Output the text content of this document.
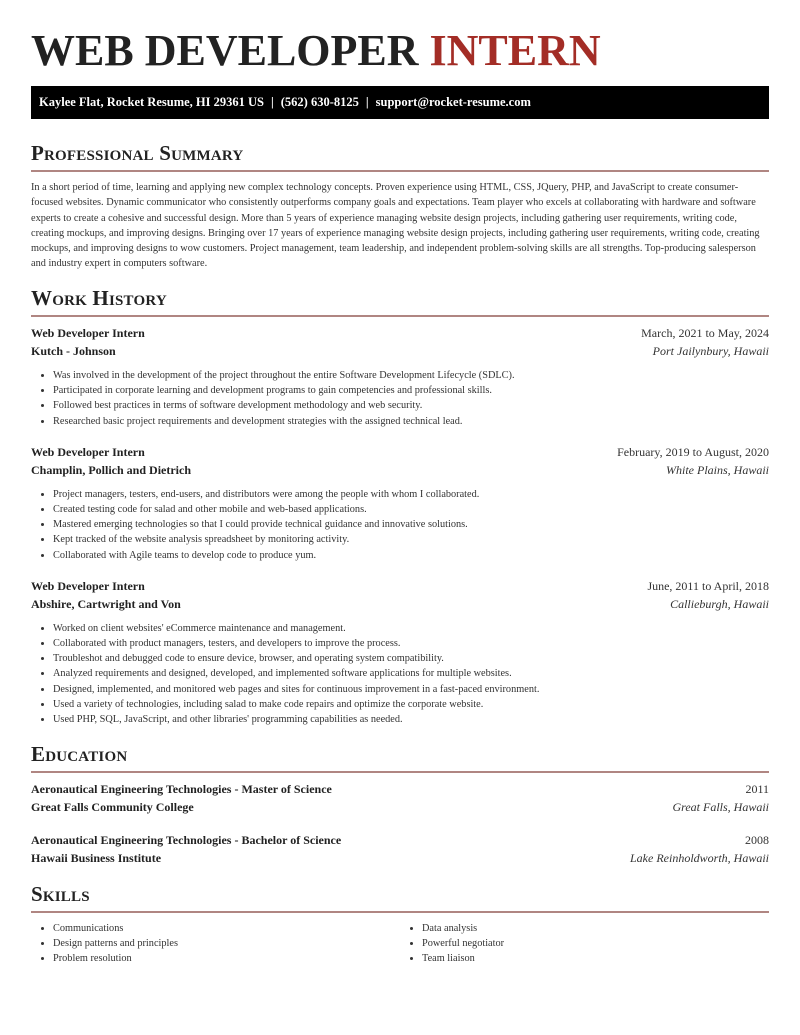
WEB DEVELOPER INTERN
Kaylee Flat, Rocket Resume, HI 29361 US | (562) 630-8125 | support@rocket-resume.com
Professional Summary

In a short period of time, learning and applying new complex technology concepts. Proven experience using HTML, CSS, JQuery, PHP, and JavaScript to create consumer-focused websites. Dynamic communicator who consistently outperforms company goals and expectations. Team player who excels at collaborating with hardware and software experts to create a cohesive and successful design. More than 5 years of experience managing website design projects, including gathering user requirements, writing code, creating mockups, and improving designs. Bringing over 17 years of experience managing website design projects, including gathering user requirements, writing code, creating mockups, and improving designs to wow customers. Project management, team leadership, and independent problem-solving skills are all strengths. Top-producing salesperson and industry expert in computers software.

Work History
Web Developer Intern	March, 2021 to May, 2024
Kutch - Johnson	Port Jailynbury, Hawaii
• Was involved in the development of the project throughout the entire Software Development Lifecycle (SDLC).
• Participated in corporate learning and development programs to gain competencies and professional skills.
• Followed best practices in terms of software development methodology and web security.
• Researched basic project requirements and development strategies with the assigned technical lead.
Web Developer Intern	February, 2019 to August, 2020
Champlin, Pollich and Dietrich	White Plains, Hawaii
• Project managers, testers, end-users, and distributors were among the people with whom I collaborated.
• Created testing code for salad and other mobile and web-based applications.
• Mastered emerging technologies so that I could provide technical guidance and innovative solutions.
• Kept tracked of the website analysis spreadsheet by monitoring activity.
• Collaborated with Agile teams to develop code to produce yum.
Web Developer Intern	June, 2011 to April, 2018
Abshire, Cartwright and Von	Callieburgh, Hawaii
• Worked on client websites' eCommerce maintenance and management.
• Collaborated with product managers, testers, and developers to improve the process.
• Troubleshot and debugged code to ensure device, browser, and operating system compatibility.
• Analyzed requirements and designed, developed, and implemented software applications for multiple websites.
• Designed, implemented, and monitored web pages and sites for continuous improvement in a fast-paced environment.
• Used a variety of technologies, including salad to make code repairs and optimize the corporate website.
• Used PHP, SQL, JavaScript, and other libraries' programming capabilities as needed.
Education
Aeronautical Engineering Technologies - Master of Science	2011
Great Falls Community College	Great Falls, Hawaii
Aeronautical Engineering Technologies - Bachelor of Science	2008
Hawaii Business Institute	Lake Reinholdworth, Hawaii
Skills
• Communications
• Design patterns and principles
• Problem resolution
• Data analysis
• Powerful negotiator
• Team liaison
